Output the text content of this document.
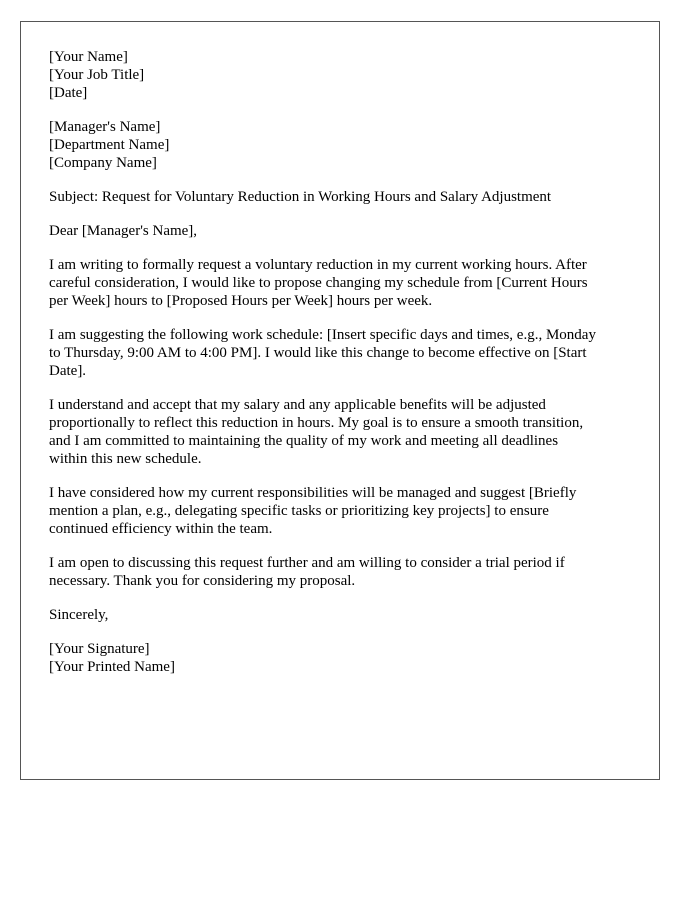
[Your Name]
[Your Job Title]
[Date]
[Manager's Name]
[Department Name]
[Company Name]

Subject: Request for Voluntary Reduction in Working Hours and Salary Adjustment

Dear [Manager's Name],

I am writing to formally request a voluntary reduction in my current working hours. After
careful consideration, I would like to propose changing my schedule from [Current Hours
per Week] hours to [Proposed Hours per Week] hours per week.

I am suggesting the following work schedule: [Insert specific days and times, e.g., Monday
to Thursday, 9:00 AM to 4:00 PM]. I would like this change to become effective on [Start
Date].

I understand and accept that my salary and any applicable benefits will be adjusted
proportionally to reflect this reduction in hours. My goal is to ensure a smooth transition,
and I am committed to maintaining the quality of my work and meeting all deadlines
within this new schedule.

I have considered how my current responsibilities will be managed and suggest [Briefly
mention a plan, e.g., delegating specific tasks or prioritizing key projects] to ensure
continued efficiency within the team.

I am open to discussing this request further and am willing to consider a trial period if
necessary. Thank you for considering my proposal.

Sincerely,

[Your Signature]
[Your Printed Name]
